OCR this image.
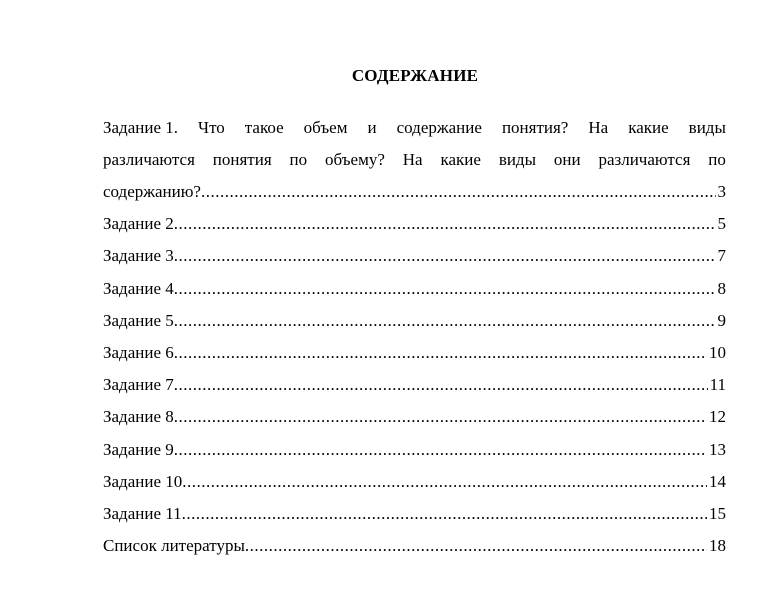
СОДЕРЖАНИЕ
Задание 1. Что такое объем и содержание понятия? На какие виды
различаются понятия по объему? На какие виды они различаются по
содержанию? .....	3
Задание 2 .....	5
Задание 3 .....	7
Задание 4 .....	8
Задание 5 .....	9
Задание 6 .....	10
Задание 7 .....	11
Задание 8 .....	12
Задание 9 .....	13
Задание 10 .....	14
Задание 11 .....	15
Список литературы .....	18
